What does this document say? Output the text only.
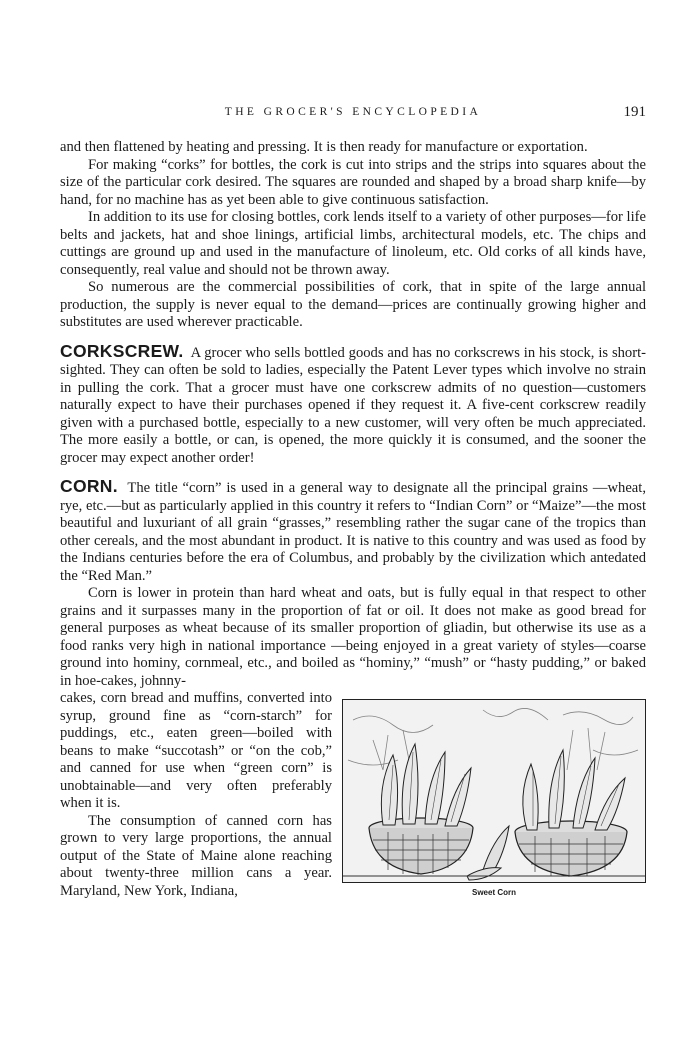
THE GROCER'S ENCYCLOPEDIA	191

and then flattened by heating and pressing. It is then ready for manufacture or exportation.

For making “corks” for bottles, the cork is cut into strips and the strips into squares about the size of the particular cork desired. The squares are rounded and shaped by a broad sharp knife—by hand, for no machine has as yet been able to give continuous satisfaction.

In addition to its use for closing bottles, cork lends itself to a variety of other purposes—for life belts and jackets, hat and shoe linings, artificial limbs, architectural models, etc. The chips and cuttings are ground up and used in the manufacture of linoleum, etc. Old corks of all kinds have, consequently, real value and should not be thrown away.

So numerous are the commercial possibilities of cork, that in spite of the large annual production, the supply is never equal to the demand—prices are continually growing higher and substitutes are used wherever practicable.

CORKSCREW. A grocer who sells bottled goods and has no corkscrews in his stock, is short-sighted. They can often be sold to ladies, especially the Patent Lever types which involve no strain in pulling the cork. That a grocer must have one corkscrew admits of no question—customers naturally expect to have their purchases opened if they request it. A five-cent corkscrew readily given with a purchased bottle, especially to a new customer, will very often be much appreciated. The more easily a bottle, or can, is opened, the more quickly it is consumed, and the sooner the grocer may expect another order!

CORN. The title “corn” is used in a general way to designate all the principal grains —wheat, rye, etc.—but as particularly applied in this country it refers to “Indian Corn” or “Maize”—the most beautiful and luxuriant of all grain “grasses,” resembling rather the sugar cane of the tropics than other cereals, and the most abundant in product. It is native to this country and was used as food by the Indians centuries before the era of Columbus, and probably by the civilization which antedated the “Red Man.”

Corn is lower in protein than hard wheat and oats, but is fully equal in that respect to other grains and it surpasses many in the proportion of fat or oil. It does not make as good bread for general purposes as wheat because of its smaller proportion of gliadin, but otherwise its use as a food ranks very high in national importance —being enjoyed in a great variety of styles—coarse ground into hominy, cornmeal, etc., and boiled as “hominy,” “mush” or “hasty pudding,” or baked in hoe-cakes, johnny-

cakes, corn bread and muffins, converted into syrup, ground fine as “corn-starch” for puddings, etc., eaten green—boiled with beans to make “succotash” or “on the cob,” and canned for use when “green corn” is unobtainable—and very often preferably when it is.

The consumption of canned corn has grown to very large proportions, the annual output of the State of Maine alone reaching about twenty-three million cans a year. Maryland, New York, Indiana,	Sweet Corn
